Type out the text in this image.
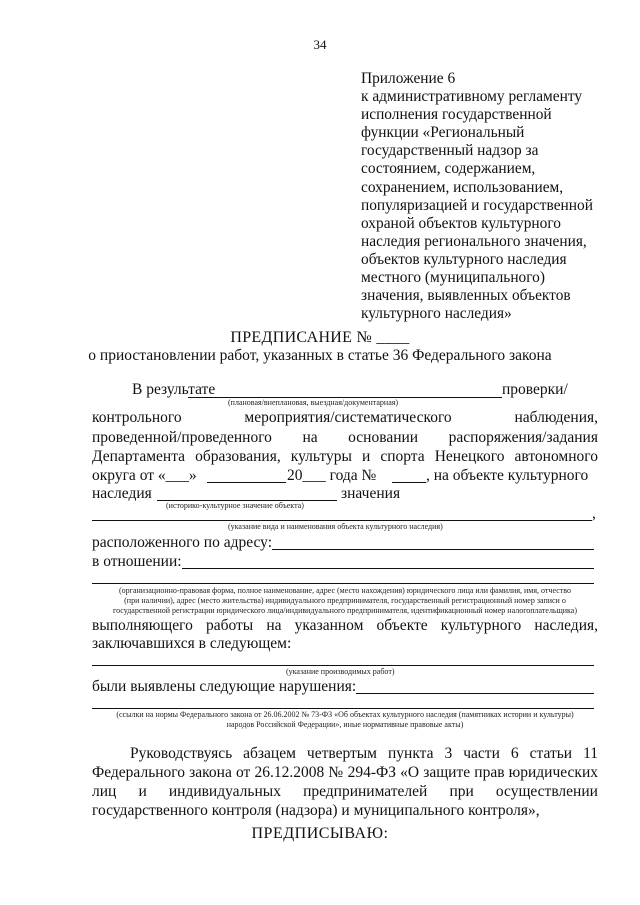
34
Приложение 6
к административному регламенту
исполнения государственной
функции «Региональный
государственный надзор за
состоянием, содержанием,
сохранением, использованием,
популяризацией и государственной
охраной объектов культурного
наследия регионального значения,
объектов культурного наследия
местного (муниципального)
значения, выявленных объектов
культурного наследия»
ПРЕДПИСАНИЕ № ____
о приостановлении работ, указанных в статье 36 Федерального закона
В результате	проверки/
(плановая/внеплановая, выездная/документарная)
контрольного	мероприятия/систематического	наблюдения,
проведенной/проведенного на основании распоряжения/задания
Департамента образования, культуры и спорта Ненецкого автономного
округа от «___»	20___ года №	, на объекте культурного
наследия	значения
(историко-культурное значение объекта)	,
(указание вида и наименования объекта культурного наследия)
расположенного по адресу:
в отношении:
(организационно-правовая форма, полное наименование, адрес (место нахождения) юридического лица или фамилия, имя, отчество
(при наличии), адрес (место жительства) индивидуального предпринимателя, государственный регистрационный номер записи о
государственной регистрации юридического лица/индивидуального предпринимателя, идентификационный номер налогоплательщика)
выполняющего работы на указанном объекте культурного наследия,
заключавшихся в следующем:
(указание производимых работ)
были выявлены следующие нарушения:
(ссылки на нормы Федерального закона от 26.06.2002 № 73-ФЗ «Об объектах культурного наследия (памятниках истории и культуры)
народов Российской Федерации», иные нормативные правовые акты)
Руководствуясь абзацем четвертым пункта 3 части 6 статьи 11
Федерального закона от 26.12.2008 № 294-ФЗ «О защите прав юридических
лиц и индивидуальных предпринимателей при осуществлении
государственного контроля (надзора) и муниципального контроля»,
ПРЕДПИСЫВАЮ:
